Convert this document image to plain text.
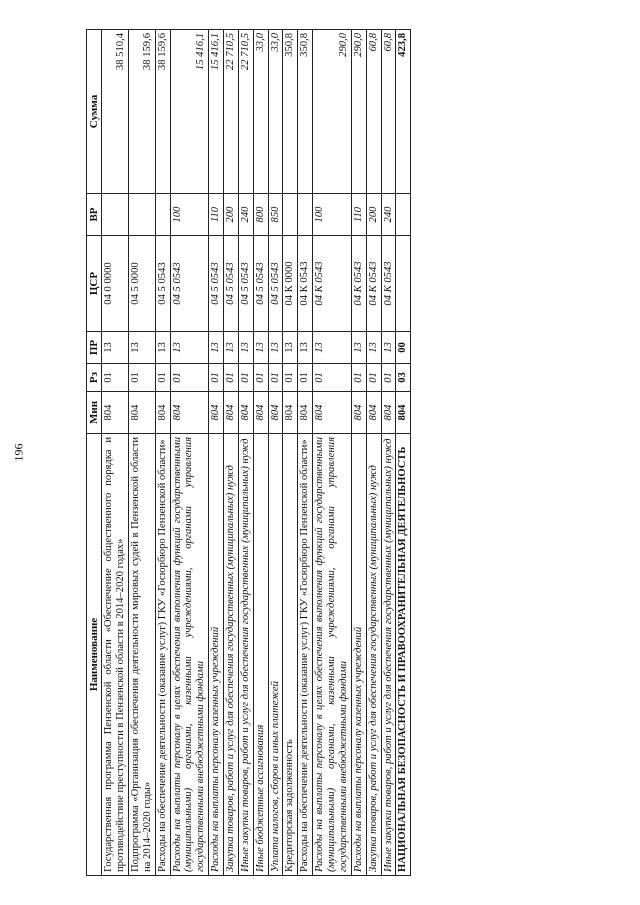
196
Наименование	Мин	Рз	ПР	ЦСР	ВР	Сумма
Государственная программа Пензенской области «Обеспечение общественного порядка и противодействие преступности в Пензенской области в 2014–2020 годах»	804	01	13	04 0 0000		38 510,4
Подпрограмма «Организация обеспечения деятельности мировых судей в Пензенской области на 2014–2020 годы»	804	01	13	04 5 0000		38 159,6
Расходы на обеспечение деятельности (оказание услуг) ГКУ «Госюрбюро Пензенской области»	804	01	13	04 5 0543		38 159,6
Расходы на выплаты персоналу в целях обеспечения выполнения функций государственными (муниципальными) органами, казенными учреждениями, органами управления государственными внебюджетными фондами	804	01	13	04 5 0543	100	15 416,1
Расходы на выплаты персоналу казенных учреждений	804	01	13	04 5 0543	110	15 416,1
Закупка товаров, работ и услуг для обеспечения государственных (муниципальных) нужд	804	01	13	04 5 0543	200	22 710,5
Иные закупки товаров, работ и услуг для обеспечения государственных (муниципальных) нужд	804	01	13	04 5 0543	240	22 710,5
Иные бюджетные ассигнования	804	01	13	04 5 0543	800	33,0
Уплата налогов, сборов и иных платежей	804	01	13	04 5 0543	850	33,0
Кредиторская задолженность	804	01	13	04 К 0000		350,8
Расходы на обеспечение деятельности (оказание услуг) ГКУ «Госюрбюро Пензенской области»	804	01	13	04 К 0543		350,8
Расходы на выплаты персоналу в целях обеспечения выполнения функций государственными (муниципальными) органами, казенными учреждениями, органами управления государственными внебюджетными фондами	804	01	13	04 К 0543	100	290,0
Расходы на выплаты персоналу казенных учреждений	804	01	13	04 К 0543	110	290,0
Закупка товаров, работ и услуг для обеспечения государственных (муниципальных) нужд	804	01	13	04 К 0543	200	60,8
Иные закупки товаров, работ и услуг для обеспечения государственных (муниципальных) нужд	804	01	13	04 К 0543	240	60,8
НАЦИОНАЛЬНАЯ БЕЗОПАСНОСТЬ И ПРАВООХРАНИТЕЛЬНАЯ ДЕЯТЕЛЬНОСТЬ	804	03	00			423,8
